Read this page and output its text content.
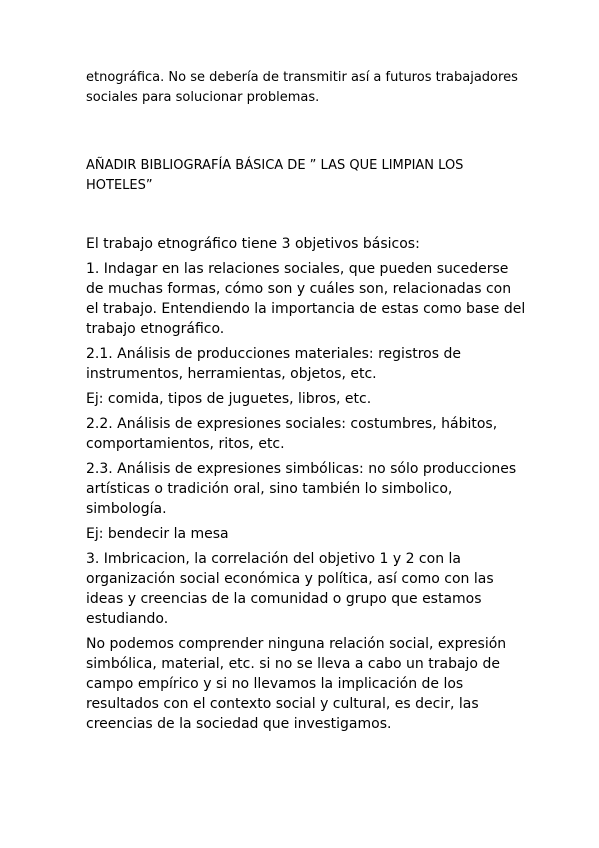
etnográfica. No se debería de transmitir así a futuros trabajadores sociales para solucionar problemas.

AÑADIR BIBLIOGRAFÍA BÁSICA DE ” LAS QUE LIMPIAN LOS HOTELES”

El trabajo etnográfico tiene 3 objetivos básicos:

1. Indagar en las relaciones sociales, que pueden sucederse de muchas formas, cómo son y cuáles son, relacionadas con el trabajo. Entendiendo la importancia de estas como base del trabajo etnográfico.

2.1. Análisis de producciones materiales: registros de instrumentos, herramientas, objetos, etc.

Ej: comida, tipos de juguetes, libros, etc.

2.2. Análisis de expresiones sociales: costumbres, hábitos, comportamientos, ritos, etc.

2.3. Análisis de expresiones simbólicas: no sólo producciones artísticas o tradición oral, sino también lo simbolico, simbología.

Ej: bendecir la mesa

3. Imbricacion, la correlación del objetivo 1 y 2 con la organización social económica y política, así como con las ideas y creencias de la comunidad o grupo que estamos estudiando.

No podemos comprender ninguna relación social, expresión simbólica, material, etc. si no se lleva a cabo un trabajo de campo empírico y si no llevamos la implicación de los resultados con el contexto social y cultural, es decir, las creencias de la sociedad que investigamos.
